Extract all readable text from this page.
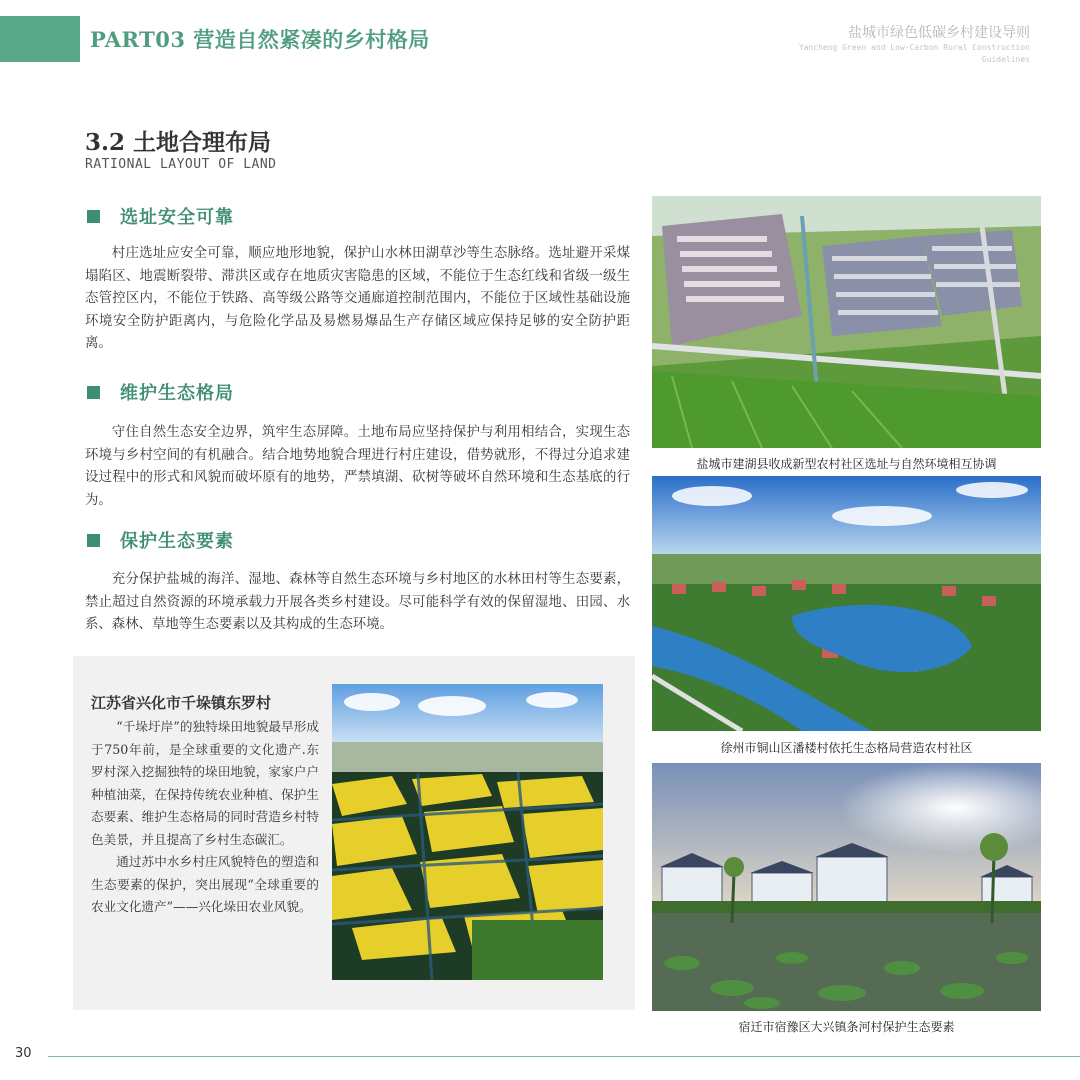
PART03 营造自然紧凑的乡村格局	盐城市绿色低碳乡村建设导则
Yancheng Green and Low-Carbon Rural Construction
Guidelines
3.2 土地合理布局
RATIONAL LAYOUT OF LAND
选址安全可靠
村庄选址应安全可靠，顺应地形地貌，保护山水林田湖草沙等生态脉络。选址避开采煤塌陷区、地震断裂带、滞洪区或存在地质灾害隐患的区域，不能位于生态红线和省级一级生态管控区内，不能位于铁路、高等级公路等交通廊道控制范围内，不能位于区域性基础设施环境安全防护距离内，与危险化学品及易燃易爆品生产存储区域应保持足够的安全防护距离。
维护生态格局
守住自然生态安全边界，筑牢生态屏障。土地布局应坚持保护与利用相结合，实现生态环境与乡村空间的有机融合。结合地势地貌合理进行村庄建设，借势就形，不得过分追求建设过程中的形式和风貌而破坏原有的地势，严禁填湖、砍树等破坏自然环境和生态基底的行为。
保护生态要素
充分保护盐城的海洋、湿地、森林等自然生态环境与乡村地区的水林田村等生态要素，禁止超过自然资源的环境承载力开展各类乡村建设。尽可能科学有效的保留湿地、田园、水系、森林、草地等生态要素以及其构成的生态环境。
江苏省兴化市千垛镇东罗村

“千垛圩岸”的独特垛田地貌最早形成于750年前，是全球重要的文化遗产.东罗村深入挖掘独特的垛田地貌，家家户户种植油菜，在保持传统农业种植、保护生态要素、维护生态格局的同时营造乡村特色美景，并且提高了乡村生态碳汇。

通过苏中水乡村庄风貌特色的塑造和生态要素的保护，突出展现“全球重要的农业文化遗产”——兴化垛田农业风貌。

盐城市建湖县收成新型农村社区选址与自然环境相互协调
徐州市铜山区潘楼村依托生态格局营造农村社区
宿迁市宿豫区大兴镇条河村保护生态要素
30
